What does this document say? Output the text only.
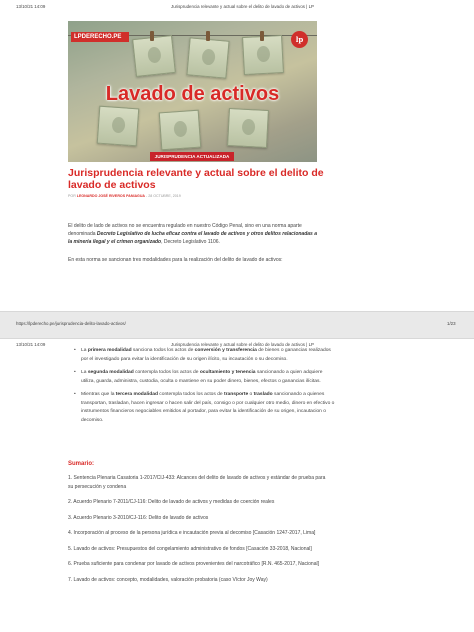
13/10/21 14:09	Jurisprudencia relevante y actual sobre el delito de lavado de activos | LP
LPDERECHO.PE	lp
Lavado de activos
JURISPRUDENCIA ACTUALIZADA
Jurisprudencia relevante y actual sobre el delito de lavado de activos
POR LEONARDO JOSÉ RIVEROS PANIAGUA - 28 OCTUBRE, 2019

El delito de lado de activos no se encuentra regulado en nuestro Código Penal, sino en una norma aparte denominada Decreto Legislativo de lucha eficaz contra el lavado de activos y otros delitos relacionadas a la minería ilegal y el crimen organizado, Decreto Legislativo 1106.

En esta norma se sancionan tres modalidades para la realización del delito de lavado de activos:

https://lpderecho.pe/jurisprudencia-delito-lavado-activos/	1/23
13/10/21 14:09	Jurisprudencia relevante y actual sobre el delito de lavado de activos | LP
• La primera modalidad sanciona todos los actos de conversión y transferencia de bienes o ganancias realizados por el investigado para evitar la identificación de su origen ilícito, su incautación o su decomiso.
• La segunda modalidad contempla todos los actos de ocultamiento y tenencia sancionando a quien adquiere utiliza, guarda, administra, custodia, oculta o mantiene en su poder dinero, bienes, efectos o ganancias ilícitas.
• Mientras que la tercera modalidad contempla todos los actos de transporte o traslado sancionando a quienes transportan, trasladan, hacen ingresar o hacen salir del país, consigo o por cualquier otro medio, dinero en efectivo o instrumentos financieros negociables emitidos al portador, para evitar la identificación de su origen, incautacion o decomiso.
Sumario:
1. Sentencia Plenaria Casatoria 1-2017/CIJ-433: Alcances del delito de lavado de activos y estándar de prueba para su persecución y condena
2. Acuerdo Plenario 7-2011/CJ-116: Delito de lavado de activos y medidas de coerción reales
3. Acuerdo Plenario 3-2010/CJ-116: Delito de lavado de activos
4. Incorporación al proceso de la persona jurídica e incautación previa al decomiso [Casación 1247-2017, Lima]
5. Lavado de activos: Presupuestos del congelamiento administrativo de fondos [Casación 33-2018, Nacional]
6. Prueba suficiente para condenar por lavado de activos provenientes del narcotráfico [R.N. 465-2017, Nacional]
7. Lavado de activos: concepto, modalidades, valoración probatoria (caso Víctor Joy Way)
